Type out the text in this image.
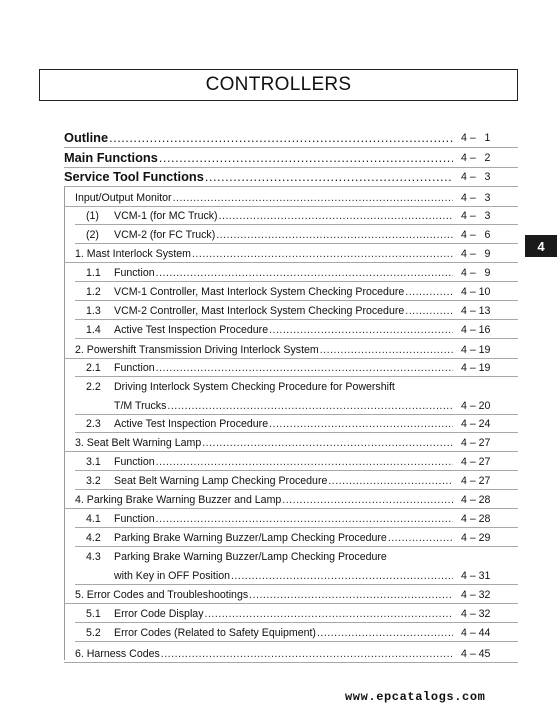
CONTROLLERS
Outline .....	4 –   1
Main Functions .....	4 –   2
Service Tool Functions .....	4 –   3
Input/Output Monitor .....	4 –   3
(1) VCM-1 (for MC Truck) .....	4 –   3
(2) VCM-2 (for FC Truck) .....	4 –   6
1. Mast Interlock System .....	4 –   9
1.1 Function .....	4 –   9
1.2 VCM-1 Controller, Mast Interlock System Checking Procedure .....	4 – 10
1.3 VCM-2 Controller, Mast Interlock System Checking Procedure .....	4 – 13
1.4 Active Test Inspection Procedure .....	4 – 16
2. Powershift Transmission Driving Interlock System .....	4 – 19
2.1 Function .....	4 – 19
2.2 Driving Interlock System Checking Procedure for Powershift
T/M Trucks .....	4 – 20
2.3 Active Test Inspection Procedure .....	4 – 24
3. Seat Belt Warning Lamp .....	4 – 27
3.1 Function .....	4 – 27
3.2 Seat Belt Warning Lamp Checking Procedure .....	4 – 27
4. Parking Brake Warning Buzzer and Lamp .....	4 – 28
4.1 Function .....	4 – 28
4.2 Parking Brake Warning Buzzer/Lamp Checking Procedure .....	4 – 29
4.3 Parking Brake Warning Buzzer/Lamp Checking Procedure
with Key in OFF Position .....	4 – 31
5. Error Codes and Troubleshootings .....	4 – 32
5.1 Error Code Display .....	4 – 32
5.2 Error Codes (Related to Safety Equipment) .....	4 – 44
6. Harness Codes .....	4 – 45
4
www.epcatalogs.com
